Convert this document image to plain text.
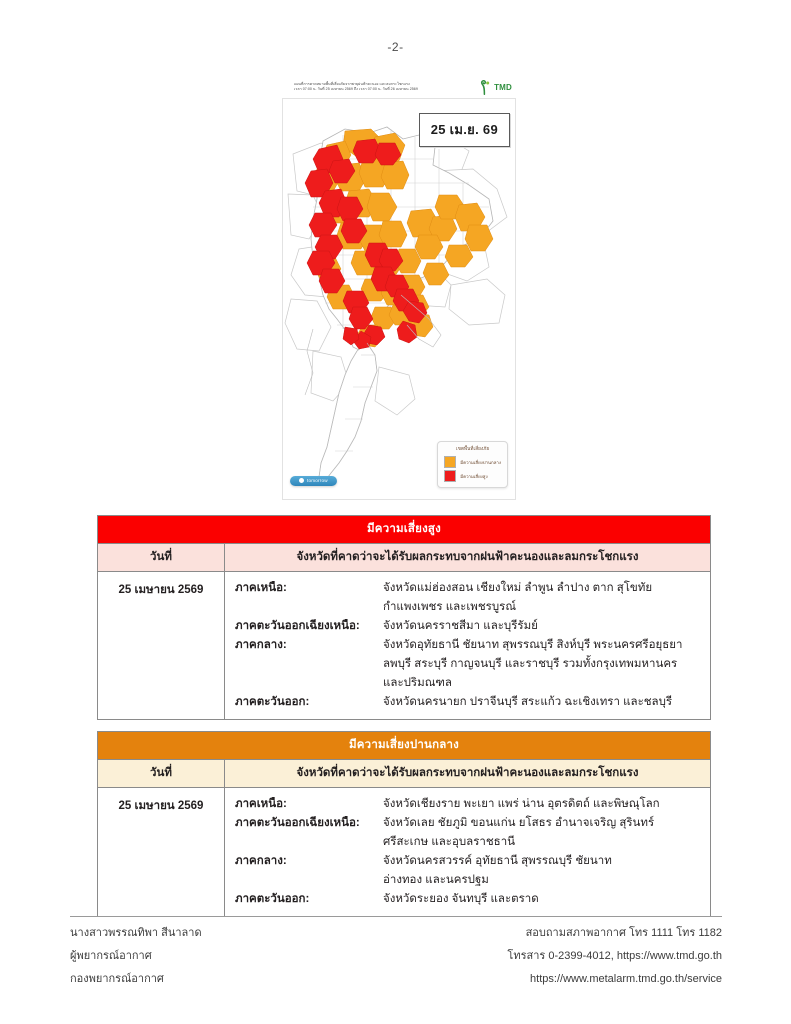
-2-
แผนที่การคาดหมายพื้นที่เสี่ยงภัยจากพายุฝนฟ้าคะนอง และลมกระโชกแรง
เวลา 07:00 น. วันที่ 25 เมษายน 2569 ถึง เวลา 07:00 น. วันที่ 26 เมษายน 2569	TMD
25 เม.ย. 69
เขตพื้นที่เสี่ยงภัย
มีความเสี่ยงปานกลาง
มีความเสี่ยงสูง
tomorrow
มีความเสี่ยงสูง	
วันที่	จังหวัดที่คาดว่าจะได้รับผลกระทบจากฝนฟ้าคะนองและลมกระโชกแรง
25 เมษายน 2569	ภาคเหนือ:	จังหวัดแม่ฮ่องสอน เชียงใหม่ ลำพูน ลำปาง ตาก สุโขทัย
กำแพงเพชร และเพชรบูรณ์
ภาคตะวันออกเฉียงเหนือ:	จังหวัดนครราชสีมา และบุรีรัมย์
ภาคกลาง:	จังหวัดอุทัยธานี ชัยนาท สุพรรณบุรี สิงห์บุรี พระนครศรีอยุธยา
ลพบุรี สระบุรี กาญจนบุรี และราชบุรี รวมทั้งกรุงเทพมหานคร
และปริมณฑล
ภาคตะวันออก:	จังหวัดนครนายก ปราจีนบุรี สระแก้ว ฉะเชิงเทรา และชลบุรี
มีความเสี่ยงปานกลาง	
วันที่	จังหวัดที่คาดว่าจะได้รับผลกระทบจากฝนฟ้าคะนองและลมกระโชกแรง
25 เมษายน 2569	ภาคเหนือ:	จังหวัดเชียงราย พะเยา แพร่ น่าน อุตรดิตถ์ และพิษณุโลก
ภาคตะวันออกเฉียงเหนือ:	จังหวัดเลย ชัยภูมิ ขอนแก่น ยโสธร อำนาจเจริญ สุรินทร์
ศรีสะเกษ และอุบลราชธานี
ภาคกลาง:	จังหวัดนครสวรรค์ อุทัยธานี สุพรรณบุรี ชัยนาท
อ่างทอง และนครปฐม
ภาคตะวันออก:	จังหวัดระยอง จันทบุรี และตราด
นางสาวพรรณทิพา สีนาลาด
ผู้พยากรณ์อากาศ
กองพยากรณ์อากาศ
สอบถามสภาพอากาศ โทร 1111 โทร 1182
โทรสาร 0-2399-4012, https://www.tmd.go.th
https://www.metalarm.tmd.go.th/service
